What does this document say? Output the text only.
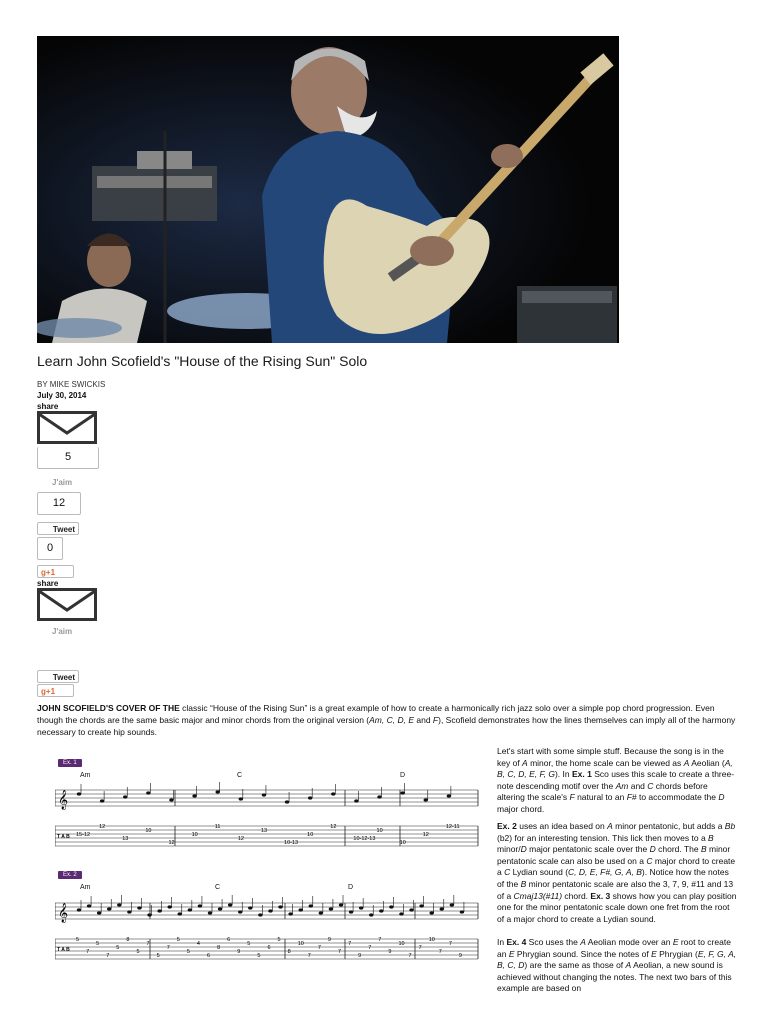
Learn John Scofield's "House of the Rising Sun" Solo
BY MIKE SWICKIS
July 30, 2014
share
5
J'aim
12
Tweet
0
g+1
share
J'aim
Tweet
g+1

JOHN SCOFIELD'S COVER OF THE classic “House of the Rising Sun” is a great example of how to create a harmonically rich jazz solo over a simple pop chord progression. Even though the chords are the same basic major and minor chords from the original version (Am, C, D, E and F), Scofield demonstrates how the lines themselves can imply all of the harmony necessary to create hip sounds.

Let's start with some simple stuff. Because the song is in the key of A minor, the home scale can be viewed as A Aeolian (A, B, C, D, E, F, G). In Ex. 1 Sco uses this scale to create a three-note descending motif over the Am and C chords before altering the scale's F natural to an F# to accommodate the D major chord.

Ex. 2 uses an idea based on A minor pentatonic, but adds a Bb (b2) for an interesting tension. This lick then moves to a B minor/D major pentatonic scale over the D chord. The B minor pentatonic scale can also be used on a C major chord to create a C Lydian sound (C, D, E, F#, G, A, B). Notice how the notes of the B minor pentatonic scale are also the 3, 7, 9, #11 and 13 of a Cmaj13(#11) chord. Ex. 3 shows how you can play position one for the minor pentatonic scale down one fret from the root of a major chord to create a Lydian sound.

In Ex. 4 Sco uses the A Aeolian mode over an E root to create an E Phrygian sound. Since the notes of E Phrygian (E, F, G, A, B, C, D) are the same as those of A Aeolian, a new sound is achieved without changing the notes. The next two bars of this example are based on

Ex. 1
Am	C	D
𝄞
T A B 15-12
12
13
10
12
10
11
12
13
10-13
10
12
10-12-13
10
10
12
12-11
Ex. 2
Am	C	D
𝄞
T A B
5
7
5
7
5
8
5
7
5
7
5
5
4
6
8
6
9
5
5
6
5
8
10
7
7
9
7
7
9
7
7
9
10
7
7
10
7
7
9
